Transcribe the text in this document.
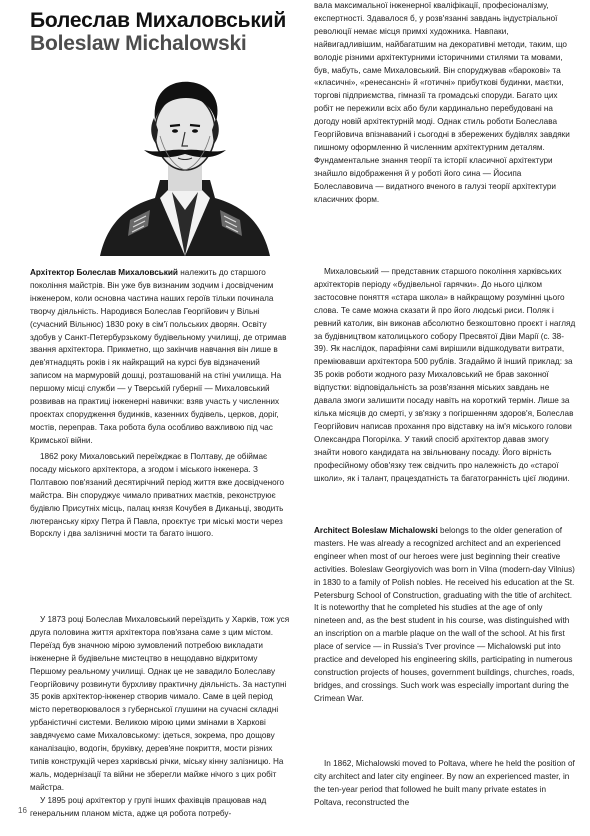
Болеслав Михаловський
Boleslaw Michalowski
Архітектор Болеслав Михаловський належить до старшого покоління майстрів. Він уже був визнаним зодчим і досвідченим інженером, коли основна частина наших героїв тільки починала творчу діяльність. Народився Болеслав Георгійович у Вільні (сучасний Вільнюс) 1830 року в сім'ї польських дворян. Освіту здобув у Санкт-Петербурзькому будівельному училищі, де отримав звання архітектора. Прикметно, що закінчив навчання він лише в дев'ятнадцять років і як найкращий на курсі був відзначений записом на мармуровій дошці, розташованій на стіні училища. На першому місці служби — у Тверській губернії — Михаловський розвивав на практиці інженерні навички: взяв участь у численних проєктах спорудження будинків, казенних будівель, церков, доріг, мостів, переправ. Така робота була особливо важливою під час Кримської війни.
1862 року Михаловський переїжджає в Полтаву, де обіймає посаду міського архітектора, а згодом і міського інженера. З Полтавою пов'язаний десятирічний період життя вже досвідченого майстра. Він споруджує чимало приватних маєтків, реконструює будівлю Присутніх місць, палац князя Кочубея в Диканьці, зводить лютеранську кірху Петра й Павла, проєктує три міські мости через Ворсклу і два залізничні мости та багато іншого.
У 1873 році Болеслав Михаловський переїздить у Харків, тож уся друга половина життя архітектора пов'язана саме з цим містом. Переїзд був значною мірою зумовлений потребою викладати інженерне й будівельне мистецтво в нещодавно відкритому Першому реальному училищі. Однак це не завадило Болеславу Георгійовичу розвинути бурхливу практичну діяльність. За наступні 35 років архітектор-інженер створив чимало. Саме в цей період місто перетворювалося з губернської глушини на сучасні складні урбаністичні системи. Великою мірою цими змінами в Харкові завдячуємо саме Михаловському: ідеться, зокрема, про дощову каналізацію, водогін, бруківку, дерев'яне покриття, мости різних типів конструкцій через харківські річки, міську кінну залізницю. На жаль, модернізації та війни не зберегли майже нічого з цих робіт майстра.
У 1895 році архітектор у групі інших фахівців працював над генеральним планом міста, адже ця робота потребу-
вала максимальної інженерної кваліфікації, професіоналізму, експертності. Здавалося б, у розв'язанні завдань індустріальної революції немає місця примхі художника. Навпаки, найвигадливішим, найбагатшим на декоративні методи, таким, що володіє різними архітектурними історичними стилями та мовами, був, мабуть, саме Михаловський. Він споруджував «барокові» та «класичні», «ренесансні» й «готичні» прибуткові будинки, маєтки, торгові підприємства, гімназії та громадські споруди. Багато цих робіт не пережили всіх або були кардинально перебудовані на догоду новій архітектурній моді. Однак стиль роботи Болеслава Георгійовича впізнаваний і сьогодні в збережених будівлях завдяки пишному оформленню й численним архітектурним деталям. Фундаментальне знання теорії та історії класичної архітектури знайшло відображення й у роботі його сина — Йосипа Болеславовича — видатного вченого в галузі теорії архітектури класичних форм.
Михаловський — представник старшого покоління харківських архітекторів періоду «будівельної гарячки». До нього цілком застосовне поняття «стара школа» в найкращому розумінні цього слова. Те саме можна сказати й про його людські риси. Поляк і ревний католик, він виконав абсолютно безкоштовно проєкт і нагляд за будівництвом католицького собору Пресвятої Діви Марії (с. 38-39). Як наслідок, парафіяни самі вирішили відшкодувати витрати, преміювавши архітектора 500 рублів. Згадаймо й інший приклад: за 35 років роботи жодного разу Михаловський не брав законної відпустки: відповідальність за розв'язання міських завдань не давала змоги залишити посаду навіть на короткий термін. Лише за кілька місяців до смерті, у зв'язку з погіршенням здоров'я, Болеслав Георгійович написав прохання про відставку на ім'я міського голови Олександра Погорілка. У такий спосіб архітектор давав змогу знайти нового кандидата на звільнювану посаду. Його вірність професійному обов'язку теж свідчить про належність до «старої школи», як і талант, працездатність та багатогранність цієї людини.
Architect Boleslaw Michalowski belongs to the older generation of masters. He was already a recognized architect and an experienced engineer when most of our heroes were just beginning their creative activities. Boleslaw Georgiyovich was born in Vilna (modern-day Vilnius) in 1830 to a family of Polish nobles. He received his education at the St. Petersburg School of Construction, graduating with the title of architect. It is noteworthy that he completed his studies at the age of only nineteen and, as the best student in his course, was distinguished with an inscription on a marble plaque on the wall of the school. At his first place of service — in Russia's Tver province — Michalowski put into practice and developed his engineering skills, participating in numerous construction projects of houses, government buildings, churches, roads, bridges, and crossings. Such work was especially important during the Crimean War.
In 1862, Michalowski moved to Poltava, where he held the position of city architect and later city engineer. By now an experienced master, in the ten-year period that followed he built many private estates in Poltava, reconstructed the
16
